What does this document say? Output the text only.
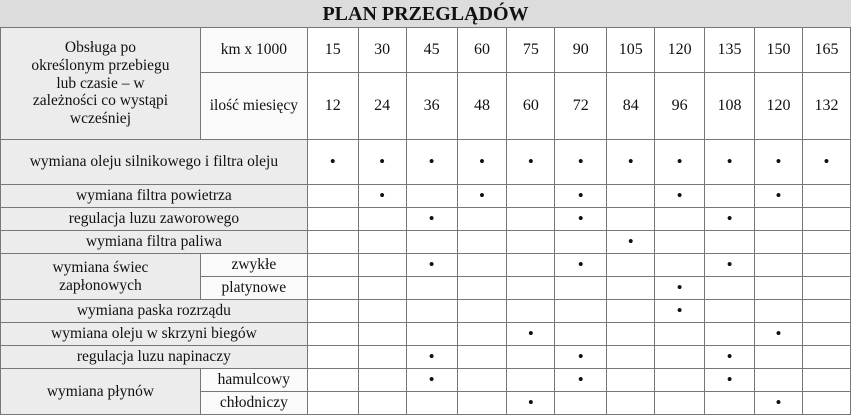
PLAN PRZEGLĄDÓW
Obsługa po określonym przebiegu lub czasie – w zależności co wystąpi wcześniej	km x 1000	15	30	45	60	75	90	105	120	135	150	165
	ilość miesięcy	12	24	36	48	60	72	84	96	108	120	132
wymiana oleju silnikowego i filtra oleju		•	•	•	•	•	•	•	•	•	•	•
wymiana filtra powietrza			•		•		•		•		•	
regulacja luzu zaworowego				•			•			•		
wymiana filtra paliwa								•				
wymiana świec zapłonowych	zwykłe			•			•			•		
	platynowe								•			
wymiana paska rozrządu									•			
wymiana oleju w skrzyni biegów						•					•	
regulacja luzu napinaczy				•			•			•		
wymiana płynów	hamulcowy			•			•			•		
	chłodniczy					•					•	
